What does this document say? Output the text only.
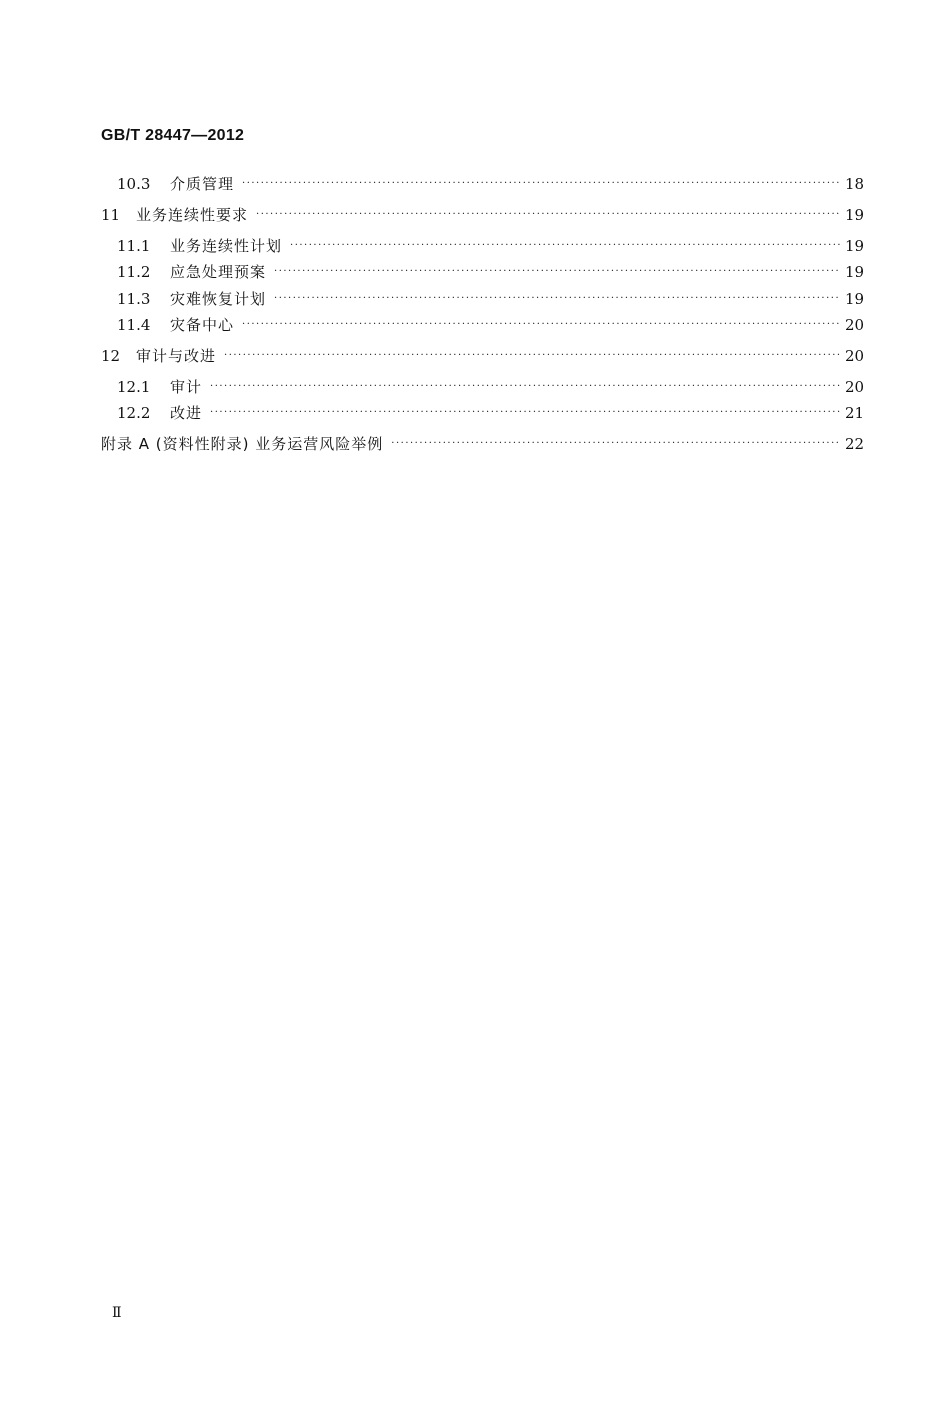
GB/T 28447—2012
10.3	介质管理 ·····	18
11	业务连续性要求 ·····	19
11.1	业务连续性计划 ·····	19
11.2	应急处理预案 ·····	19
11.3	灾难恢复计划 ·····	19
11.4	灾备中心 ·····	20
12	审计与改进 ·····	20
12.1	审计 ·····	20
12.2	改进 ·····	21
附录 A (资料性附录) 业务运营风险举例 ·····	22
Ⅱ
